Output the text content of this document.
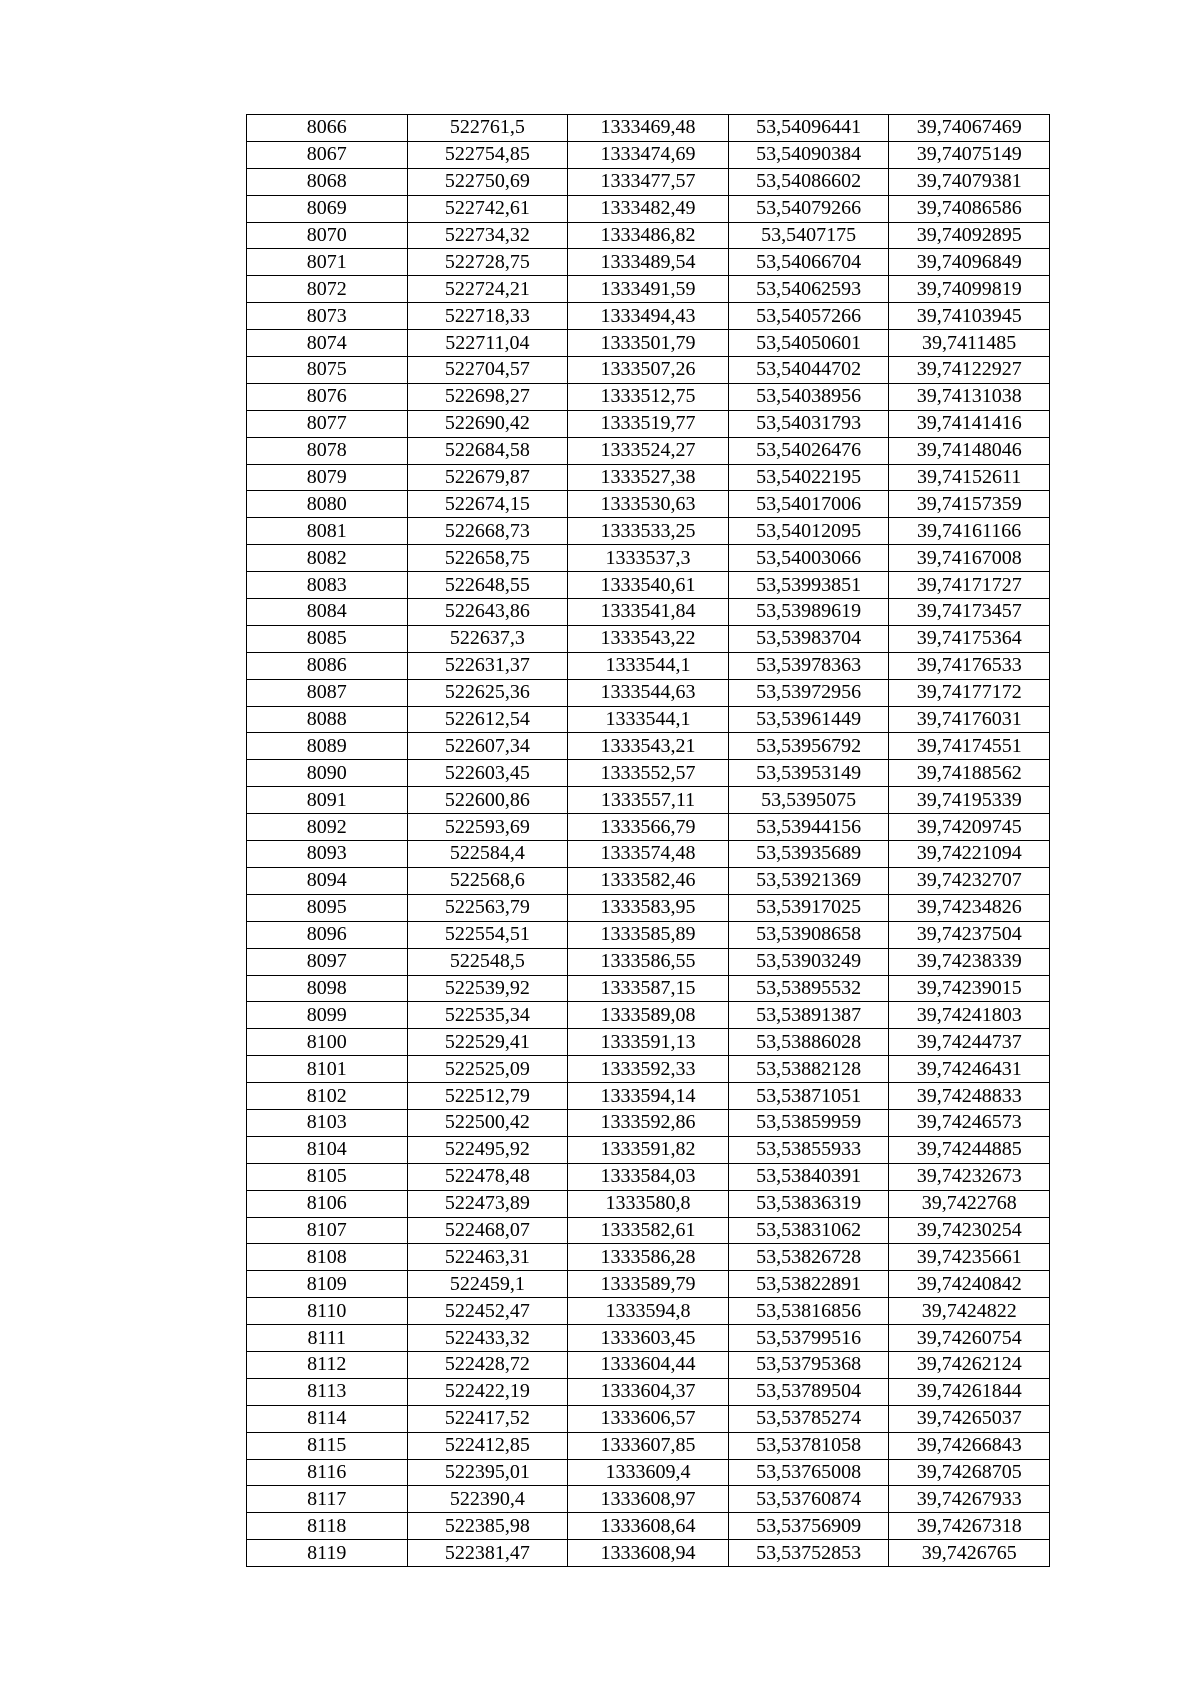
8066	522761,5	1333469,48	53,54096441	39,74067469
8067	522754,85	1333474,69	53,54090384	39,74075149
8068	522750,69	1333477,57	53,54086602	39,74079381
8069	522742,61	1333482,49	53,54079266	39,74086586
8070	522734,32	1333486,82	53,5407175	39,74092895
8071	522728,75	1333489,54	53,54066704	39,74096849
8072	522724,21	1333491,59	53,54062593	39,74099819
8073	522718,33	1333494,43	53,54057266	39,74103945
8074	522711,04	1333501,79	53,54050601	39,7411485
8075	522704,57	1333507,26	53,54044702	39,74122927
8076	522698,27	1333512,75	53,54038956	39,74131038
8077	522690,42	1333519,77	53,54031793	39,74141416
8078	522684,58	1333524,27	53,54026476	39,74148046
8079	522679,87	1333527,38	53,54022195	39,74152611
8080	522674,15	1333530,63	53,54017006	39,74157359
8081	522668,73	1333533,25	53,54012095	39,74161166
8082	522658,75	1333537,3	53,54003066	39,74167008
8083	522648,55	1333540,61	53,53993851	39,74171727
8084	522643,86	1333541,84	53,53989619	39,74173457
8085	522637,3	1333543,22	53,53983704	39,74175364
8086	522631,37	1333544,1	53,53978363	39,74176533
8087	522625,36	1333544,63	53,53972956	39,74177172
8088	522612,54	1333544,1	53,53961449	39,74176031
8089	522607,34	1333543,21	53,53956792	39,74174551
8090	522603,45	1333552,57	53,53953149	39,74188562
8091	522600,86	1333557,11	53,5395075	39,74195339
8092	522593,69	1333566,79	53,53944156	39,74209745
8093	522584,4	1333574,48	53,53935689	39,74221094
8094	522568,6	1333582,46	53,53921369	39,74232707
8095	522563,79	1333583,95	53,53917025	39,74234826
8096	522554,51	1333585,89	53,53908658	39,74237504
8097	522548,5	1333586,55	53,53903249	39,74238339
8098	522539,92	1333587,15	53,53895532	39,74239015
8099	522535,34	1333589,08	53,53891387	39,74241803
8100	522529,41	1333591,13	53,53886028	39,74244737
8101	522525,09	1333592,33	53,53882128	39,74246431
8102	522512,79	1333594,14	53,53871051	39,74248833
8103	522500,42	1333592,86	53,53859959	39,74246573
8104	522495,92	1333591,82	53,53855933	39,74244885
8105	522478,48	1333584,03	53,53840391	39,74232673
8106	522473,89	1333580,8	53,53836319	39,7422768
8107	522468,07	1333582,61	53,53831062	39,74230254
8108	522463,31	1333586,28	53,53826728	39,74235661
8109	522459,1	1333589,79	53,53822891	39,74240842
8110	522452,47	1333594,8	53,53816856	39,7424822
8111	522433,32	1333603,45	53,53799516	39,74260754
8112	522428,72	1333604,44	53,53795368	39,74262124
8113	522422,19	1333604,37	53,53789504	39,74261844
8114	522417,52	1333606,57	53,53785274	39,74265037
8115	522412,85	1333607,85	53,53781058	39,74266843
8116	522395,01	1333609,4	53,53765008	39,74268705
8117	522390,4	1333608,97	53,53760874	39,74267933
8118	522385,98	1333608,64	53,53756909	39,74267318
8119	522381,47	1333608,94	53,53752853	39,7426765
